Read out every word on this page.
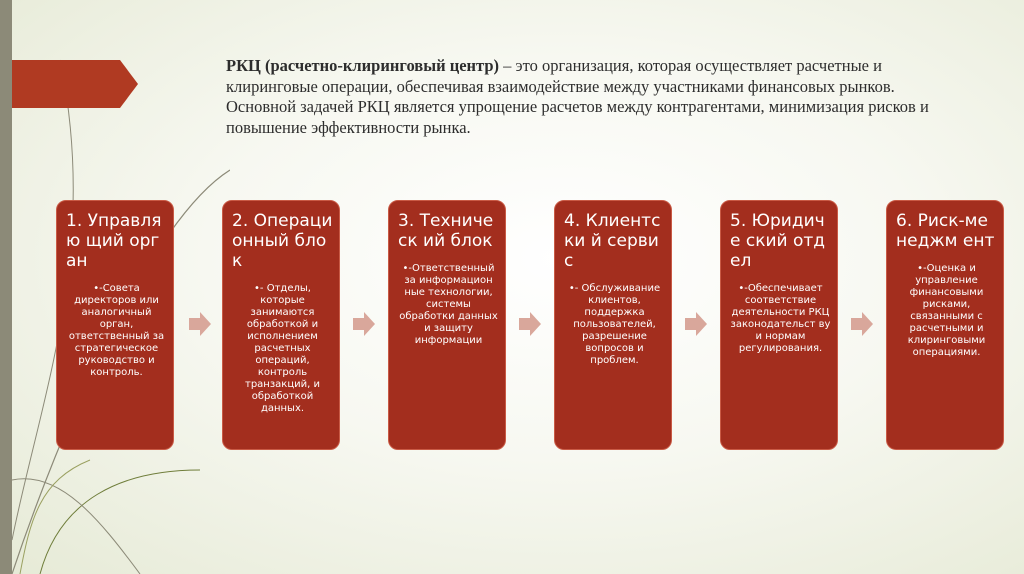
РКЦ (расчетно-клиринговый центр) – это организация, которая осуществляет расчетные и клиринговые операции, обеспечивая взаимодействие между участниками финансовых рынков. Основной задачей РКЦ является упрощение расчетов между контрагентами, минимизация рисков и повышение эффективности рынка.

1. Управляю щий орган
•-Совета директоров или аналогичный орган, ответственный за стратегическое руководство и контроль.
2. Операци онный блок
•- Отделы, которые занимаются обработкой и исполнением расчетных операций, контроль транзакций, и обработкой данных.
3. Техническ ий блок
•-Ответственный за информацион ные технологии, системы обработки данных и защиту информации
4. Клиентски й сервис
•- Обслуживание клиентов, поддержка пользователей, разрешение вопросов и проблем.
5. Юридиче ский отдел
•-Обеспечивает соответствие деятельности РКЦ законодательст ву и нормам регулирования.
6. Риск-менеджм ент
•-Оценка и управление финансовыми рисками, связанными с расчетными и клиринговыми операциями.
